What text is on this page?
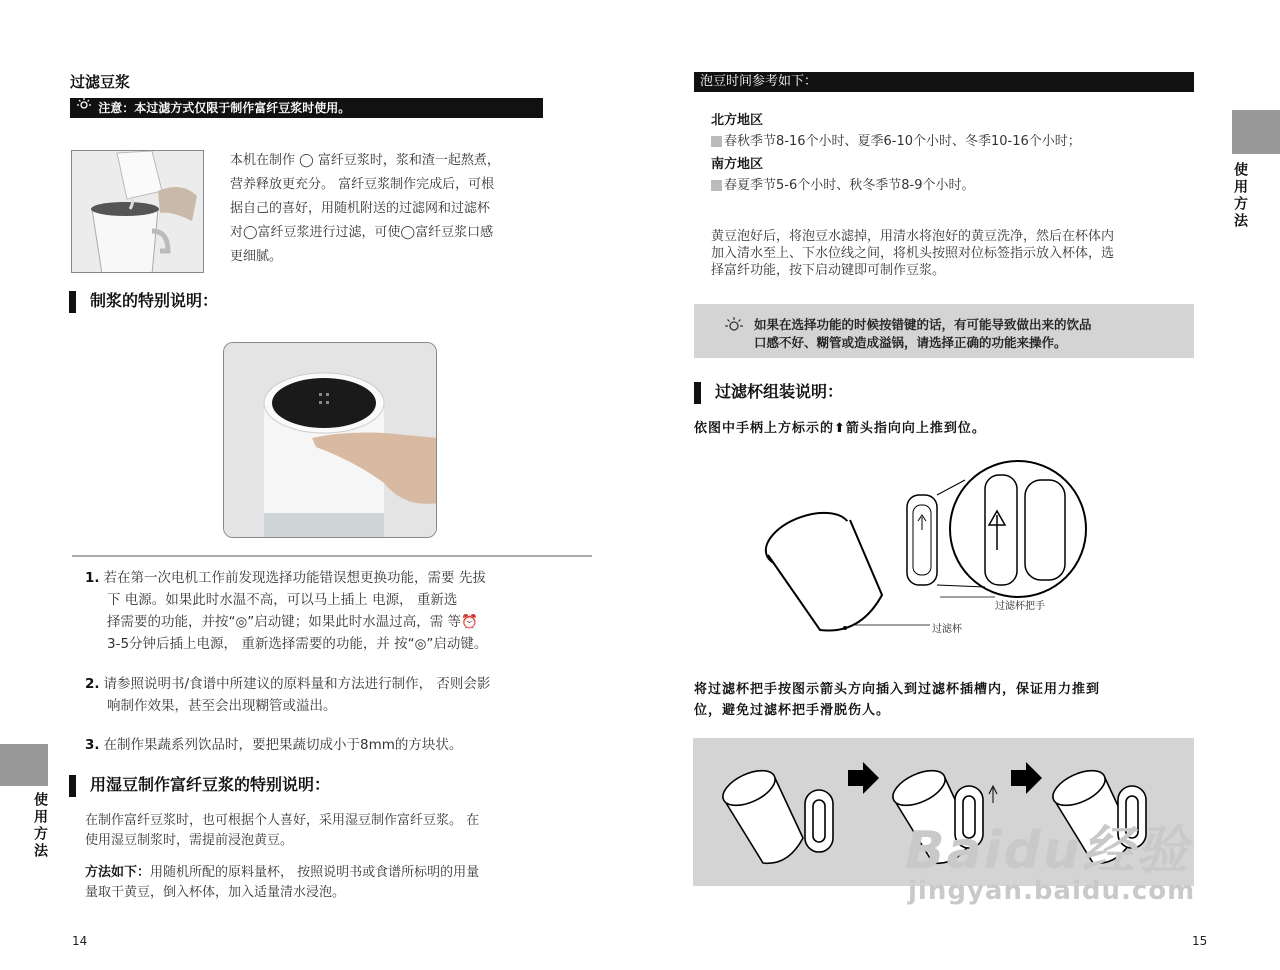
过滤豆浆
注意：本过滤方式仅限于制作富纤豆浆时使用。
本机在制作 ◯ 富纤豆浆时，浆和渣一起熬煮，
营养释放更充分。 富纤豆浆制作完成后，可根
据自己的喜好，用随机附送的过滤网和过滤杯
对◯富纤豆浆进行过滤，可使◯富纤豆浆口感
更细腻。
制浆的特别说明：
1. 若在第一次电机工作前发现选择功能错误想更换功能，需要 先拔
下 电源。如果此时水温不高，可以马上插上 电源， 重新选
择需要的功能，并按“◎”启动键；如果此时水温过高，需 等⏰
3-5分钟后插上电源， 重新选择需要的功能，并 按“◎”启动键。
2. 请参照说明书/食谱中所建议的原料量和方法进行制作， 否则会影
响制作效果，甚至会出现糊管或溢出。
3. 在制作果蔬系列饮品时，要把果蔬切成小于8mm的方块状。
用湿豆制作富纤豆浆的特别说明：
在制作富纤豆浆时，也可根据个人喜好，采用湿豆制作富纤豆浆。 在
使用湿豆制浆时，需提前浸泡黄豆。
方法如下：用随机所配的原料量杯， 按照说明书或食谱所标明的用量
量取干黄豆，倒入杯体，加入适量清水浸泡。
使用方法
14
泡豆时间参考如下：
北方地区
春秋季节8-16个小时、夏季6-10个小时、冬季10-16个小时；
南方地区
春夏季节5-6个小时、秋冬季节8-9个小时。
黄豆泡好后，将泡豆水滤掉，用清水将泡好的黄豆洗净，然后在杯体内
加入清水至上、下水位线之间，将机头按照对位标签指示放入杯体，选
择富纤功能，按下启动键即可制作豆浆。
如果在选择功能的时候按错键的话，有可能导致做出来的饮品
口感不好、糊管或造成溢锅，请选择正确的功能来操作。
过滤杯组装说明：
依图中手柄上方标示的⬆箭头指向向上推到位。
过滤杯把手
过滤杯
将过滤杯把手按图示箭头方向插入到过滤杯插槽内，保证用力推到
位，避免过滤杯把手滑脱伤人。
Baidu经验
jingyan.baidu.com
使用方法
15
